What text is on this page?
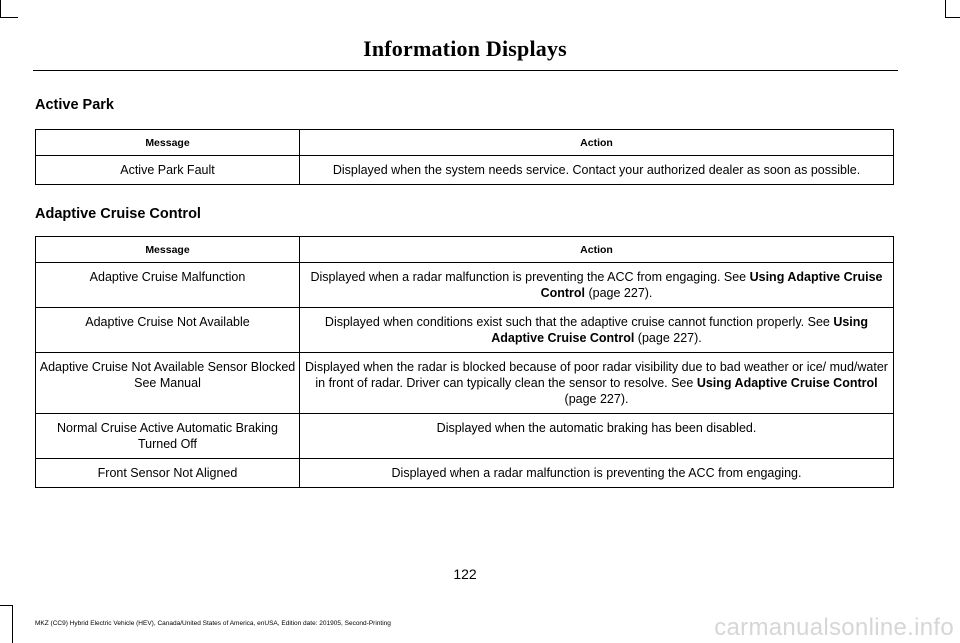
Information Displays
Active Park
Message	Action
Active Park Fault	Displayed when the system needs service. Contact your authorized dealer as soon as possible.
Adaptive Cruise Control
Message	Action
Adaptive Cruise Malfunction	Displayed when a radar malfunction is preventing the ACC from engaging. See Using Adaptive Cruise Control (page 227).
Adaptive Cruise Not Available	Displayed when conditions exist such that the adaptive cruise cannot function properly. See Using Adaptive Cruise Control (page 227).
Adaptive Cruise Not Available Sensor Blocked See Manual	Displayed when the radar is blocked because of poor radar visibility due to bad weather or ice/ mud/water in front of radar. Driver can typically clean the sensor to resolve. See Using Adaptive Cruise Control (page 227).
Normal Cruise Active Automatic Braking Turned Off	Displayed when the automatic braking has been disabled.
Front Sensor Not Aligned	Displayed when a radar malfunction is preventing the ACC from engaging.
122
MKZ (CC9) Hybrid Electric Vehicle (HEV), Canada/United States of America, enUSA, Edition date: 201905, Second-Printing	carmanualsonline.info
